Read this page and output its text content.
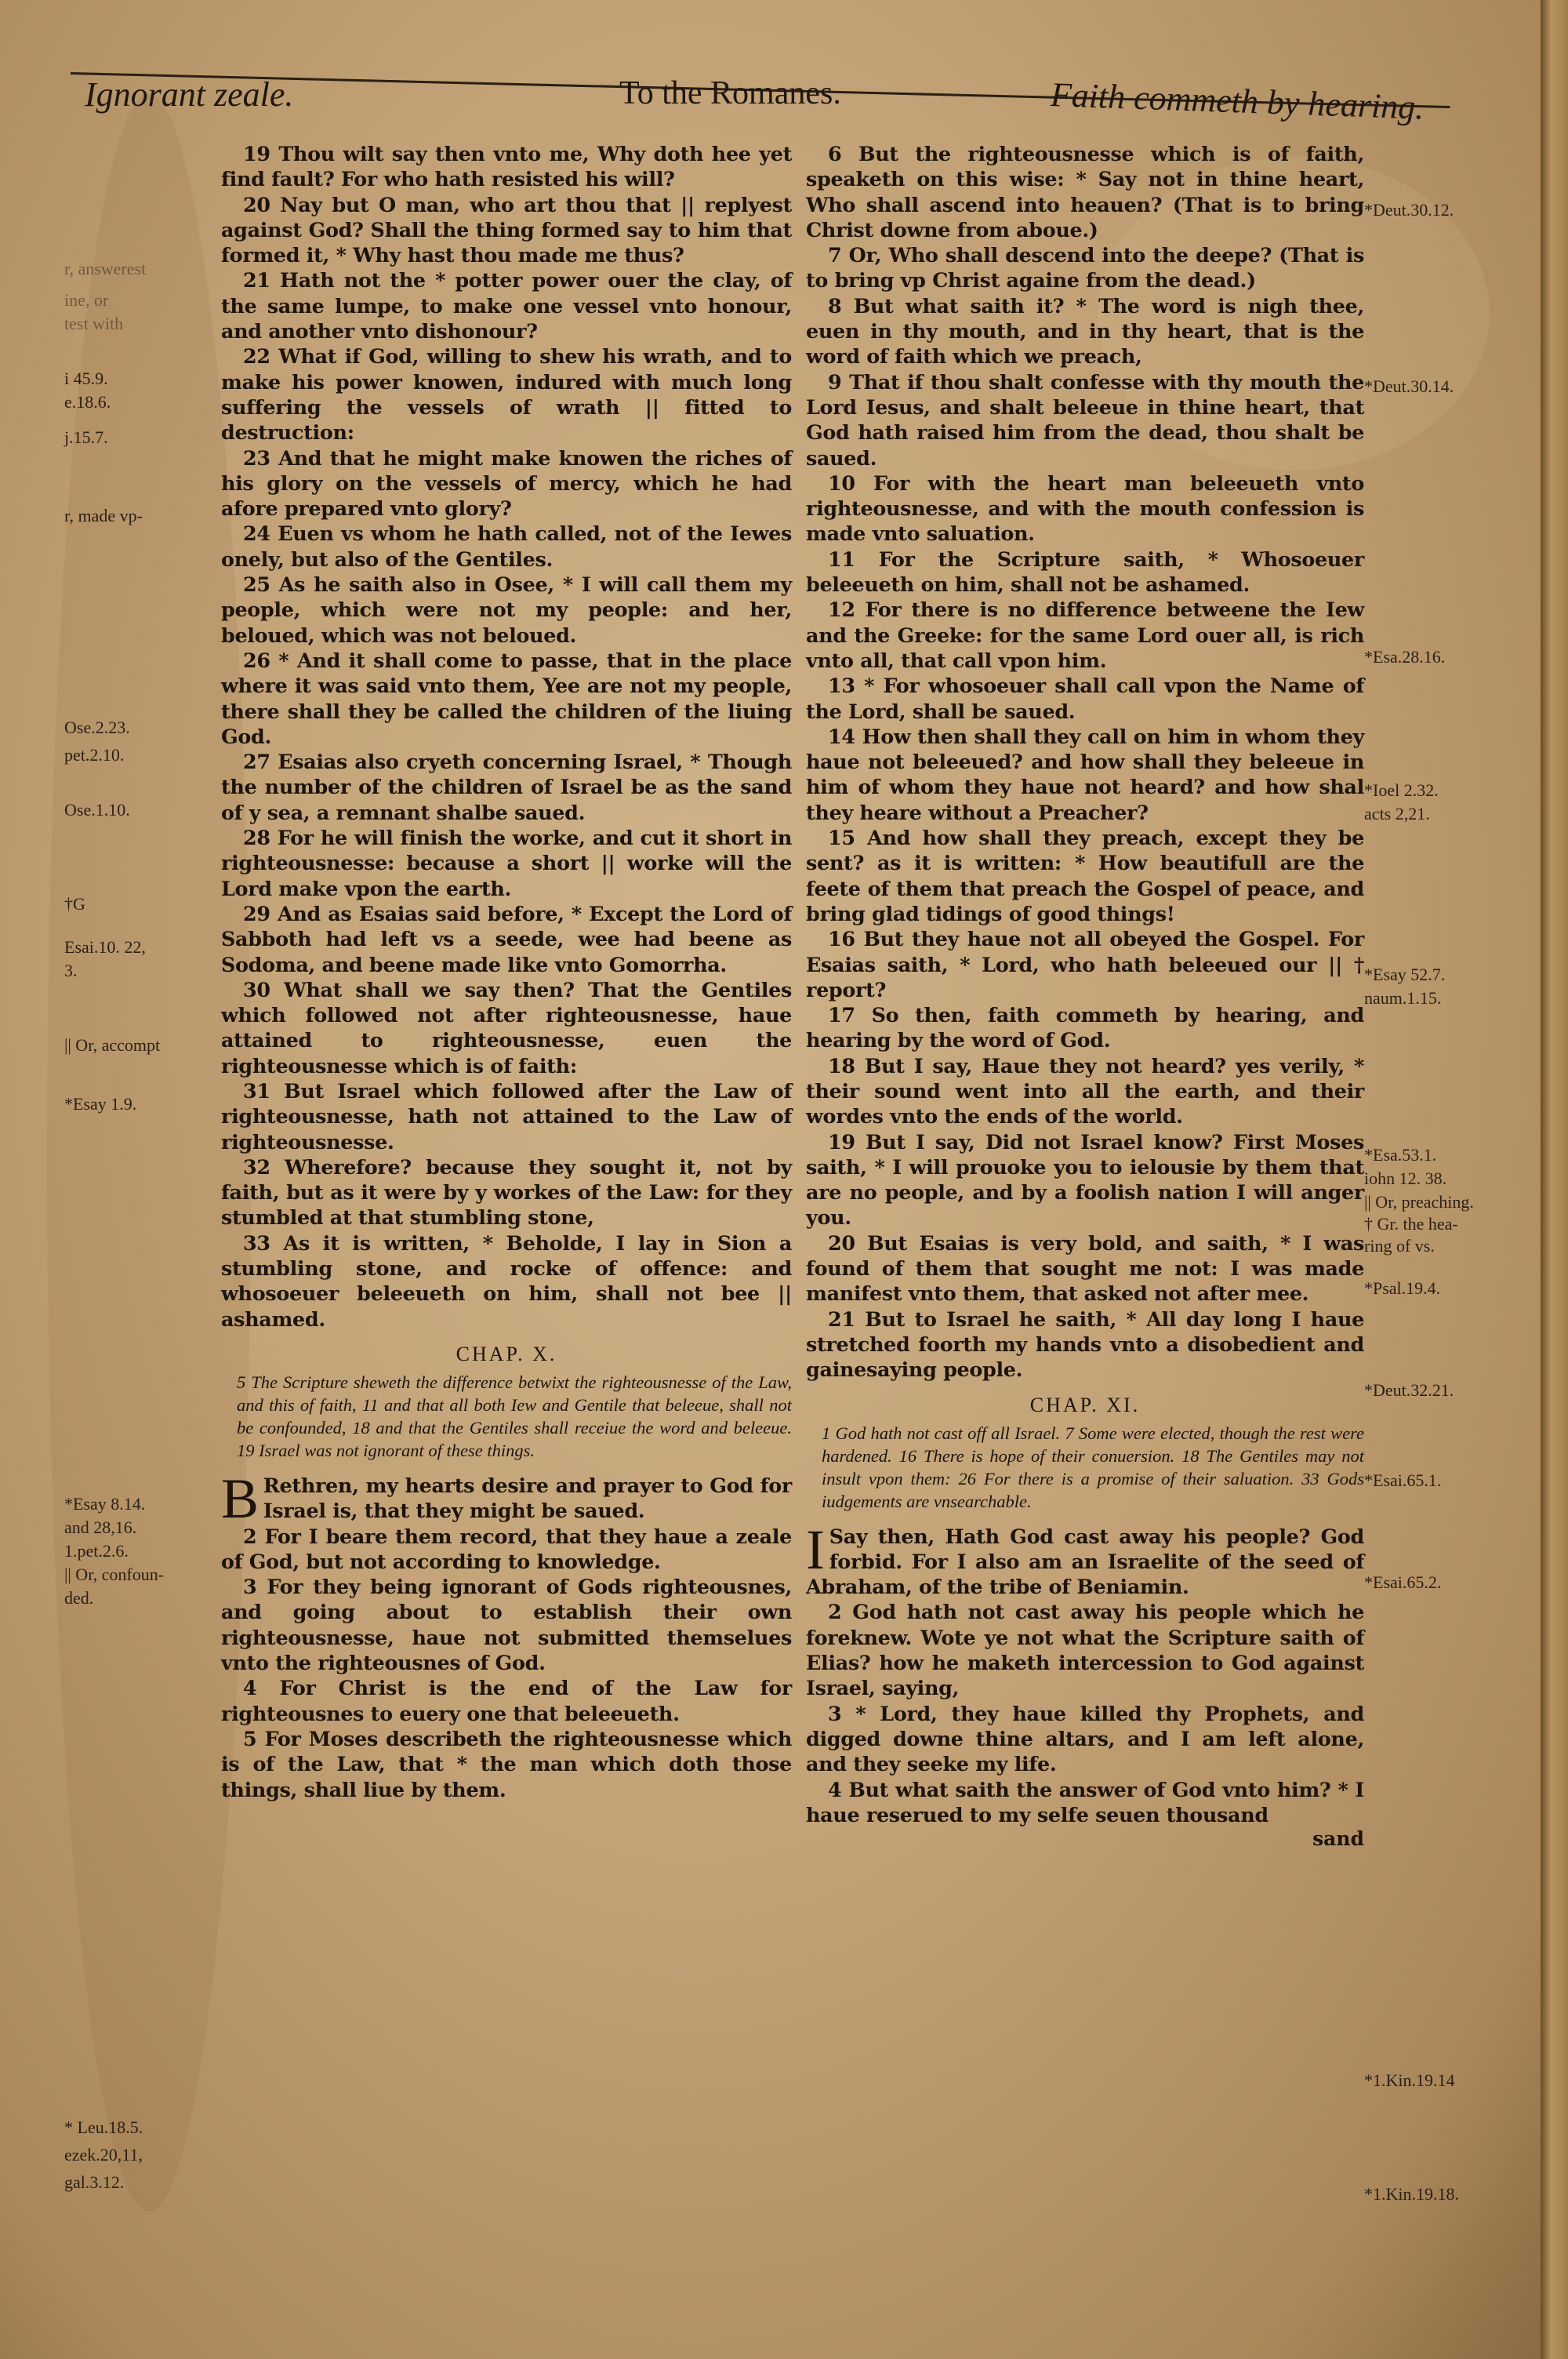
Ignorant zeale.	To the Romanes.	Faith commeth by hearing.

19 Thou wilt say then vnto me, Why doth hee yet find fault? For who hath resisted his will?

20 Nay but O man, who art thou that || replyest against God? Shall the thing formed say to him that formed it, * Why hast thou made me thus?

21 Hath not the * potter power ouer the clay, of the same lumpe, to make one vessel vnto honour, and another vnto dishonour?

22 What if God, willing to shew his wrath, and to make his power knowen, indured with much long suffering the vessels of wrath || fitted to destruction:

23 And that he might make knowen the riches of his glory on the vessels of mercy, which he had afore prepared vnto glory?

24 Euen vs whom he hath called, not of the Iewes onely, but also of the Gentiles.

25 As he saith also in Osee, * I will call them my people, which were not my people: and her, beloued, which was not beloued.

26 * And it shall come to passe, that in the place where it was said vnto them, Yee are not my people, there shall they be called the children of the liuing God.

27 Esaias also cryeth concerning Israel, * Though the number of the children of Israel be as the sand of y sea, a remnant shalbe saued.

28 For he will finish the worke, and cut it short in righteousnesse: because a short || worke will the Lord make vpon the earth.

29 And as Esaias said before, * Except the Lord of Sabboth had left vs a seede, wee had beene as Sodoma, and beene made like vnto Gomorrha.

30 What shall we say then? That the Gentiles which followed not after righteousnesse, haue attained to righteousnesse, euen the righteousnesse which is of faith:

31 But Israel which followed after the Law of righteousnesse, hath not attained to the Law of righteousnesse.

32 Wherefore? because they sought it, not by faith, but as it were by y workes of the Law: for they stumbled at that stumbling stone,

33 As it is written, * Beholde, I lay in Sion a stumbling stone, and rocke of offence: and whosoeuer beleeueth on him, shall not bee || ashamed.

CHAP. X.

5 The Scripture sheweth the difference betwixt the righteousnesse of the Law, and this of faith, 11 and that all both Iew and Gentile that beleeue, shall not be confounded, 18 and that the Gentiles shall receiue the word and beleeue. 19 Israel was not ignorant of these things.

B Rethren, my hearts desire and prayer to God for Israel is, that they might be saued.

2 For I beare them record, that they haue a zeale of God, but not according to knowledge.

3 For they being ignorant of Gods righteousnes, and going about to establish their own righteousnesse, haue not submitted themselues vnto the righteousnes of God.

4 For Christ is the end of the Law for righteousnes to euery one that beleeueth.

5 For Moses describeth the righteousnesse which is of the Law, that * the man which doth those things, shall liue by them.

6 But the righteousnesse which is of faith, speaketh on this wise: * Say not in thine heart, Who shall ascend into heauen? (That is to bring Christ downe from aboue.)

7 Or, Who shall descend into the deepe? (That is to bring vp Christ againe from the dead.)

8 But what saith it? * The word is nigh thee, euen in thy mouth, and in thy heart, that is the word of faith which we preach,

9 That if thou shalt confesse with thy mouth the Lord Iesus, and shalt beleeue in thine heart, that God hath raised him from the dead, thou shalt be saued.

10 For with the heart man beleeueth vnto righteousnesse, and with the mouth confession is made vnto saluation.

11 For the Scripture saith, * Whosoeuer beleeueth on him, shall not be ashamed.

12 For there is no difference betweene the Iew and the Greeke: for the same Lord ouer all, is rich vnto all, that call vpon him.

13 * For whosoeuer shall call vpon the Name of the Lord, shall be saued.

14 How then shall they call on him in whom they haue not beleeued? and how shall they beleeue in him of whom they haue not heard? and how shal they heare without a Preacher?

15 And how shall they preach, except they be sent? as it is written: * How beautifull are the feete of them that preach the Gospel of peace, and bring glad tidings of good things!

16 But they haue not all obeyed the Gospel. For Esaias saith, * Lord, who hath beleeued our || † report?

17 So then, faith commeth by hearing, and hearing by the word of God.

18 But I say, Haue they not heard? yes verily, * their sound went into all the earth, and their wordes vnto the ends of the world.

19 But I say, Did not Israel know? First Moses saith, * I will prouoke you to ielousie by them that are no people, and by a foolish nation I will anger you.

20 But Esaias is very bold, and saith, * I was found of them that sought me not: I was made manifest vnto them, that asked not after mee.

21 But to Israel he saith, * All day long I haue stretched foorth my hands vnto a disobedient and gainesaying people.

CHAP. XI.

1 God hath not cast off all Israel. 7 Some were elected, though the rest were hardened. 16 There is hope of their conuersion. 18 The Gentiles may not insult vpon them: 26 For there is a promise of their saluation. 33 Gods iudgements are vnsearchable.

I Say then, Hath God cast away his people? God forbid. For I also am an Israelite of the seed of Abraham, of the tribe of Beniamin.

2 God hath not cast away his people which he foreknew. Wote ye not what the Scripture saith of Elias? how he maketh intercession to God against Israel, saying,

3 * Lord, they haue killed thy Prophets, and digged downe thine altars, and I am left alone, and they seeke my life.

4 But what saith the answer of God vnto him? * I haue reserued to my selfe seuen thousand

sand

r, answerest
ine, or
test with
i 45.9.
e.18.6.
j.15.7.
r, made vp-
Ose.2.23.
pet.2.10.
Ose.1.10.
†G
Esai.10. 22,
3.
|| Or, accompt
*Esay 1.9.
*Esay 8.14.
and 28,16.
1.pet.2.6.
|| Or, confoun-
ded.
* Leu.18.5.
ezek.20,11,
gal.3.12.
*Deut.30.12.
*Deut.30.14.
*Esa.28.16.
*Ioel 2.32.
acts 2,21.
*Esay 52.7.
naum.1.15.
*Esa.53.1.
iohn 12. 38.
|| Or, preaching.
† Gr. the hea-
ring of vs.
*Psal.19.4.
*Deut.32.21.
*Esai.65.1.
*Esai.65.2.
*1.Kin.19.14
*1.Kin.19.18.
